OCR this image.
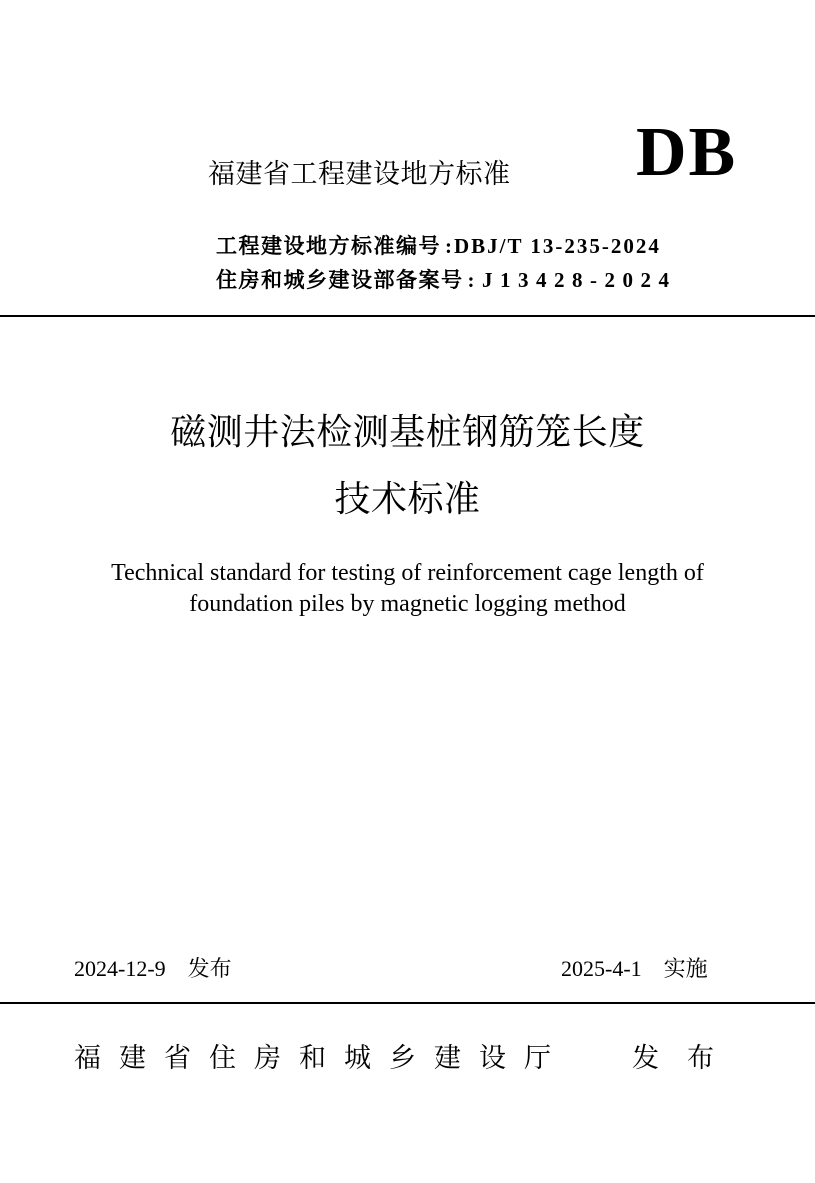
福建省工程建设地方标准 DB
工程建设地方标准编号 :DBJ/T 13-235-2024
住房和城乡建设部备案号 :J13428-2024
磁测井法检测基桩钢筋笼长度
技术标准
Technical standard for testing of reinforcement cage length of
foundation piles by magnetic logging method
2024-12-9 发布	2025-4-1 实施
福建省住房和城乡建设厅 发布
